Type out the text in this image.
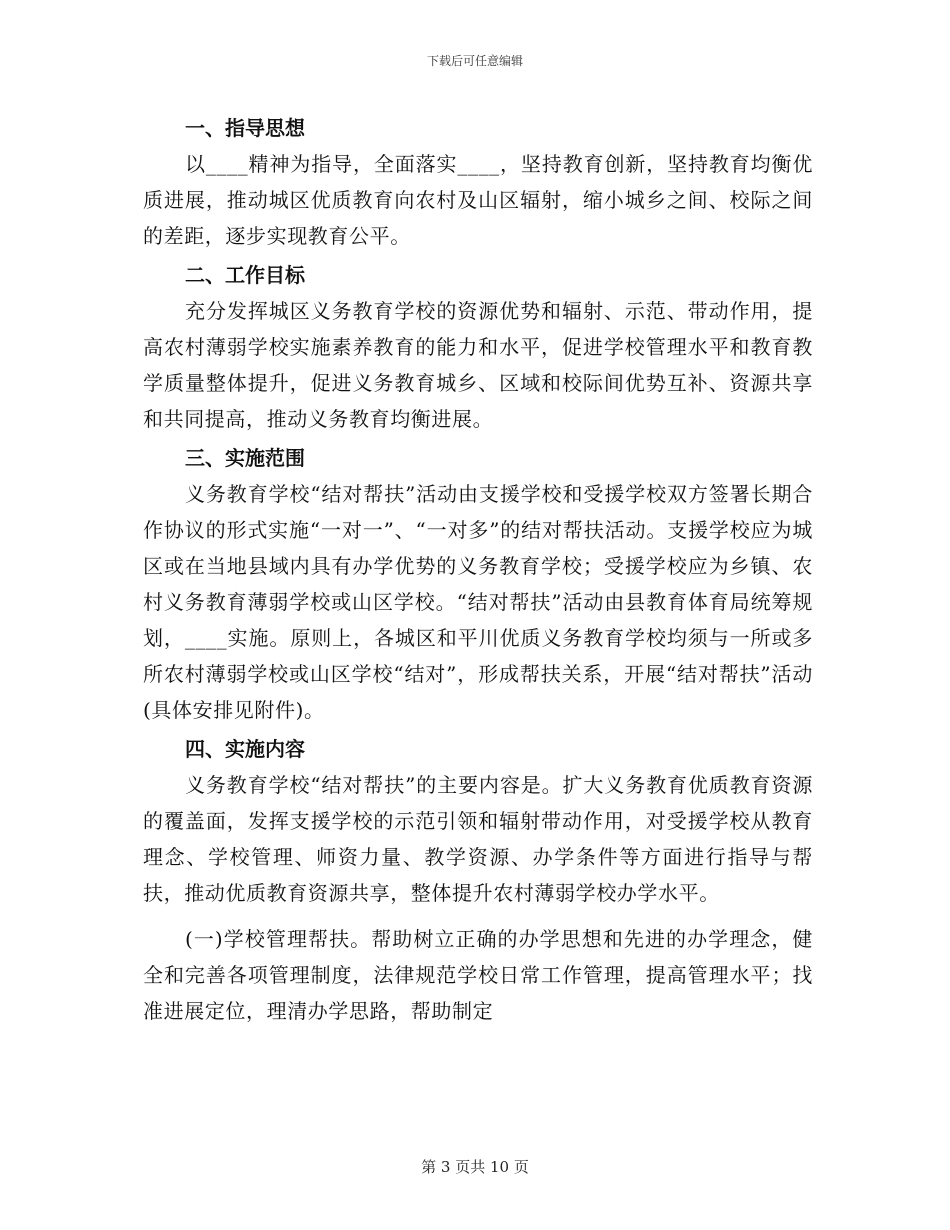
下载后可任意编辑
一、指导思想

以____精神为指导，全面落实____，坚持教育创新，坚持教育均衡优质进展，推动城区优质教育向农村及山区辐射，缩小城乡之间、校际之间的差距，逐步实现教育公平。

二、工作目标

充分发挥城区义务教育学校的资源优势和辐射、示范、带动作用，提高农村薄弱学校实施素养教育的能力和水平，促进学校管理水平和教育教学质量整体提升，促进义务教育城乡、区域和校际间优势互补、资源共享和共同提高，推动义务教育均衡进展。

三、实施范围

义务教育学校“结对帮扶”活动由支援学校和受援学校双方签署长期合作协议的形式实施“一对一”、“一对多”的结对帮扶活动。支援学校应为城区或在当地县域内具有办学优势的义务教育学校；受援学校应为乡镇、农村义务教育薄弱学校或山区学校。“结对帮扶”活动由县教育体育局统筹规划，____实施。原则上，各城区和平川优质义务教育学校均须与一所或多所农村薄弱学校或山区学校“结对”，形成帮扶关系，开展“结对帮扶”活动(具体安排见附件)。

四、实施内容

义务教育学校“结对帮扶”的主要内容是。扩大义务教育优质教育资源的覆盖面，发挥支援学校的示范引领和辐射带动作用，对受援学校从教育理念、学校管理、师资力量、教学资源、办学条件等方面进行指导与帮扶，推动优质教育资源共享，整体提升农村薄弱学校办学水平。

(一)学校管理帮扶。帮助树立正确的办学思想和先进的办学理念，健全和完善各项管理制度，法律规范学校日常工作管理，提高管理水平；找准进展定位，理清办学思路，帮助制定

第 3 页共 10 页
